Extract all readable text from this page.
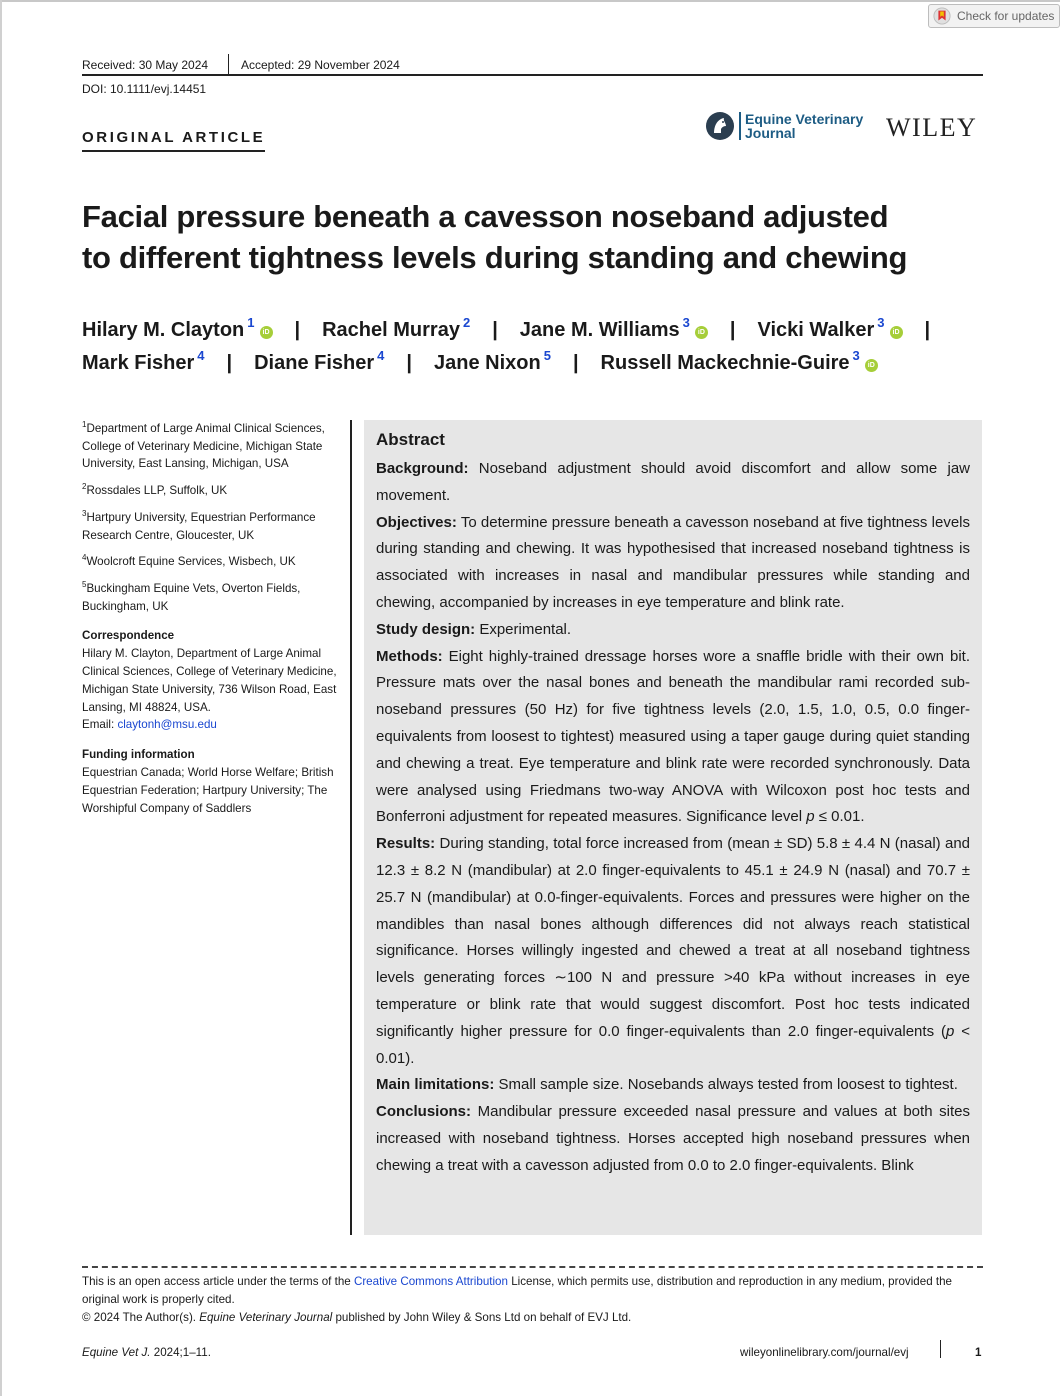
Check for updates
Received: 30 May 2024	Accepted: 29 November 2024
DOI: 10.1111/evj.14451
ORIGINAL ARTICLE
Equine Veterinary
Journal	WILEY
Facial pressure beneath a cavesson noseband adjusted
to different tightness levels during standing and chewing
Hilary M. Clayton $^1$iD | Rachel Murray $^2$ | Jane M. Williams $^3$iD | Vicki Walker $^3$iD |
Mark Fisher $^4$ | Diane Fisher $^4$ | Jane Nixon $^5$ | Russell Mackechnie-Guire $^3$iD

$^1$Department of Large Animal Clinical Sciences, College of Veterinary Medicine, Michigan State University, East Lansing, Michigan, USA

$^2$Rossdales LLP, Suffolk, UK

$^3$Hartpury University, Equestrian Performance Research Centre, Gloucester, UK

$^4$Woolcroft Equine Services, Wisbech, UK

$^5$Buckingham Equine Vets, Overton Fields, Buckingham, UK

Correspondence

Hilary M. Clayton, Department of Large Animal Clinical Sciences, College of Veterinary Medicine, Michigan State University, 736 Wilson Road, East Lansing, MI 48824, USA.

Email: claytonh@msu.edu

Funding information

Equestrian Canada; World Horse Welfare; British Equestrian Federation; Hartpury University; The Worshipful Company of Saddlers

Abstract
Background: Noseband adjustment should avoid discomfort and allow some jaw movement.
Objectives: To determine pressure beneath a cavesson noseband at five tightness levels during standing and chewing. It was hypothesised that increased noseband tightness is associated with increases in nasal and mandibular pressures while standing and chewing, accompanied by increases in eye temperature and blink rate.
Study design: Experimental.
Methods: Eight highly-trained dressage horses wore a snaffle bridle with their own bit. Pressure mats over the nasal bones and beneath the mandibular rami recorded sub-noseband pressures (50 Hz) for five tightness levels (2.0, 1.5, 1.0, 0.5, 0.0 finger-equivalents from loosest to tightest) measured using a taper gauge during quiet standing and chewing a treat. Eye temperature and blink rate were recorded synchronously. Data were analysed using Friedmans two-way ANOVA with Wilcoxon post hoc tests and Bonferroni adjustment for repeated measures. Significance level p ≤ 0.01.
Results: During standing, total force increased from (mean ± SD) 5.8 ± 4.4 N (nasal) and 12.3 ± 8.2 N (mandibular) at 2.0 finger-equivalents to 45.1 ± 24.9 N (nasal) and 70.7 ± 25.7 N (mandibular) at 0.0-finger-equivalents. Forces and pressures were higher on the mandibles than nasal bones although differences did not always reach statistical significance. Horses willingly ingested and chewed a treat at all noseband tightness levels generating forces ∼100 N and pressure >40 kPa without increases in eye temperature or blink rate that would suggest discomfort. Post hoc tests indicated significantly higher pressure for 0.0 finger-equivalents than 2.0 finger-equivalents (p < 0.01).
Main limitations: Small sample size. Nosebands always tested from loosest to tightest.
Conclusions: Mandibular pressure exceeded nasal pressure and values at both sites increased with noseband tightness. Horses accepted high noseband pressures when chewing a treat with a cavesson adjusted from 0.0 to 2.0 finger-equivalents. Blink

This is an open access article under the terms of the Creative Commons Attribution License, which permits use, distribution and reproduction in any medium, provided the original work is properly cited.

© 2024 The Author(s). Equine Veterinary Journal published by John Wiley & Sons Ltd on behalf of EVJ Ltd.

Equine Vet J. 2024;1–11.	wileyonlinelibrary.com/journal/evj	1
